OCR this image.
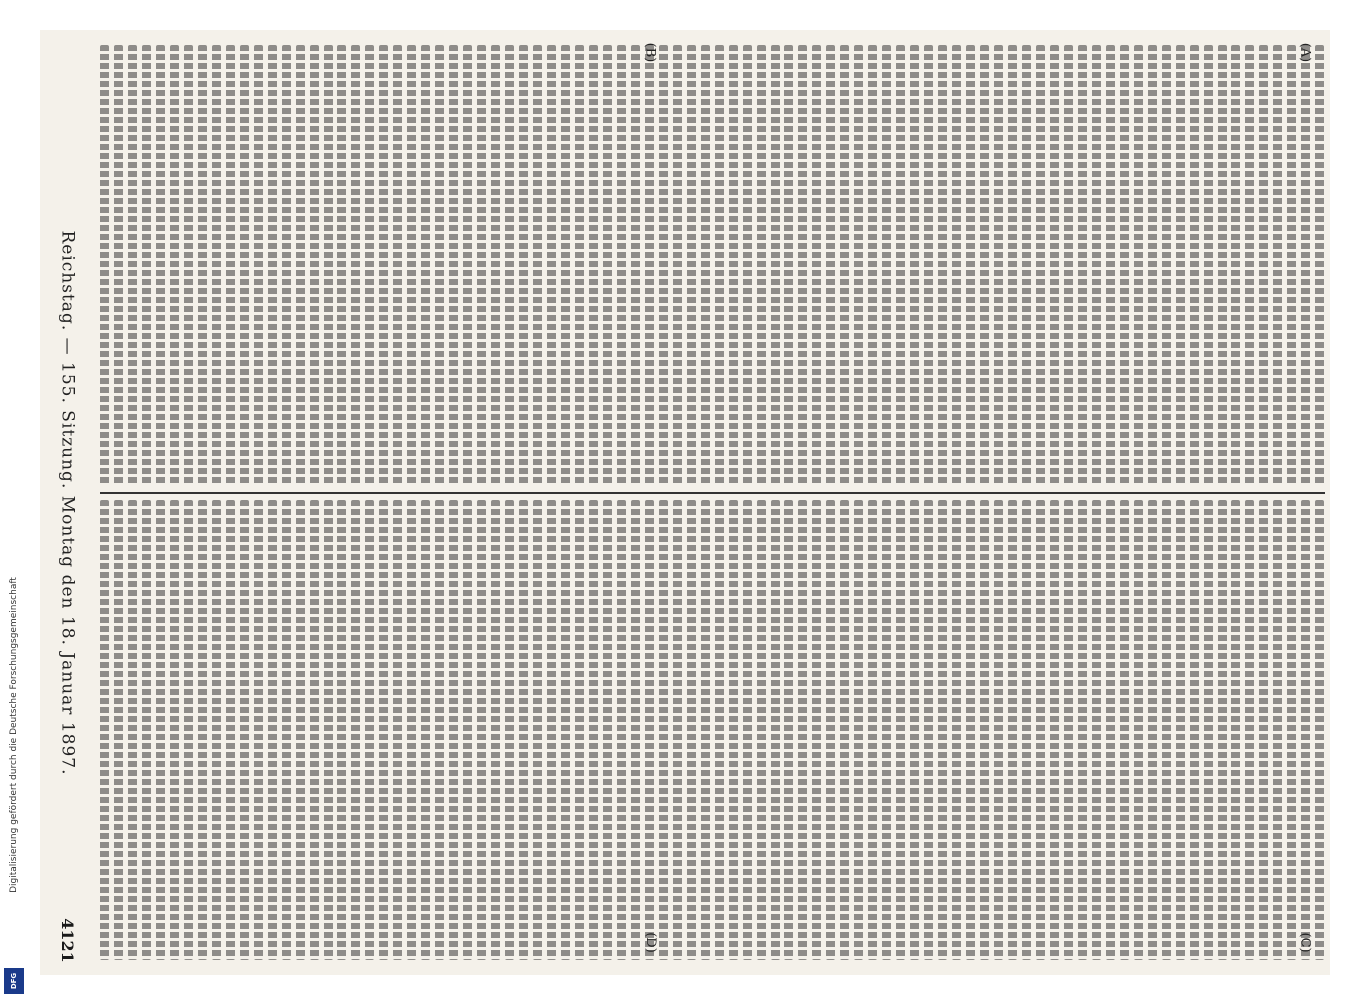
Digitalisierung gefördert durch die Deutsche Forschungsgemeinschaft
DFG
Reichstag. — 155. Sitzung. Montag den 18. Januar 1897.
4121
(A)
(B)
(C)
(D)
